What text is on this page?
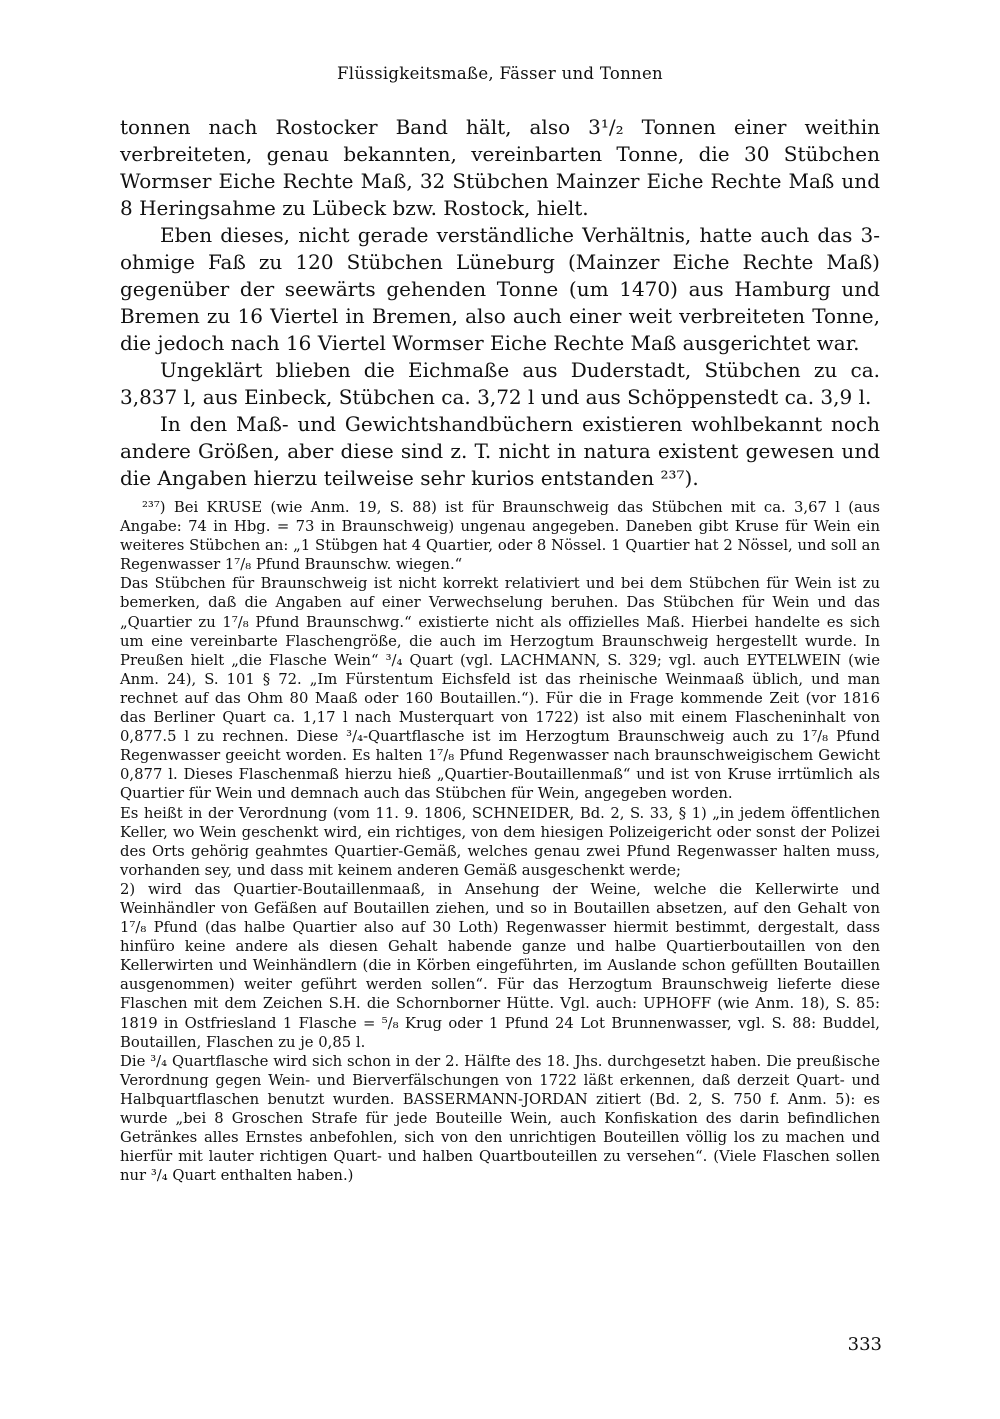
Flüssigkeitsmaße, Fässer und Tonnen

tonnen nach Rostocker Band hält, also 3¹/₂ Tonnen einer weithin verbreiteten, genau bekannten, vereinbarten Tonne, die 30 Stübchen Wormser Eiche Rechte Maß, 32 Stübchen Mainzer Eiche Rechte Maß und 8 Heringsahme zu Lübeck bzw. Rostock, hielt.

Eben dieses, nicht gerade verständliche Verhältnis, hatte auch das 3-ohmige Faß zu 120 Stübchen Lüneburg (Mainzer Eiche Rechte Maß) gegenüber der seewärts gehenden Tonne (um 1470) aus Hamburg und Bremen zu 16 Viertel in Bremen, also auch einer weit verbreiteten Tonne, die jedoch nach 16 Viertel Wormser Eiche Rechte Maß ausgerichtet war.

Ungeklärt blieben die Eichmaße aus Duderstadt, Stübchen zu ca. 3,837 l, aus Einbeck, Stübchen ca. 3,72 l und aus Schöppenstedt ca. 3,9 l.

In den Maß- und Gewichtshandbüchern existieren wohlbekannt noch andere Größen, aber diese sind z. T. nicht in natura existent gewesen und die Angaben hierzu teilweise sehr kurios entstanden ²³⁷).

²³⁷) Bei KRUSE (wie Anm. 19, S. 88) ist für Braunschweig das Stübchen mit ca. 3,67 l (aus Angabe: 74 in Hbg. = 73 in Braunschweig) ungenau angegeben. Daneben gibt Kruse für Wein ein weiteres Stübchen an: „1 Stübgen hat 4 Quartier, oder 8 Nössel. 1 Quartier hat 2 Nössel, und soll an Regenwasser 1⁷/₈ Pfund Braunschw. wiegen.“

Das Stübchen für Braunschweig ist nicht korrekt relativiert und bei dem Stübchen für Wein ist zu bemerken, daß die Angaben auf einer Verwechselung beruhen. Das Stübchen für Wein und das „Quartier zu 1⁷/₈ Pfund Braunschwg.“ existierte nicht als offizielles Maß. Hierbei handelte es sich um eine vereinbarte Flaschengröße, die auch im Herzogtum Braunschweig hergestellt wurde. In Preußen hielt „die Flasche Wein“ ³/₄ Quart (vgl. LACHMANN, S. 329; vgl. auch EYTELWEIN (wie Anm. 24), S. 101 § 72. „Im Fürstentum Eichsfeld ist das rheinische Weinmaaß üblich, und man rechnet auf das Ohm 80 Maaß oder 160 Boutaillen.“). Für die in Frage kommende Zeit (vor 1816 das Berliner Quart ca. 1,17 l nach Musterquart von 1722) ist also mit einem Flascheninhalt von 0,877.5 l zu rechnen. Diese ³/₄-Quartflasche ist im Herzogtum Braunschweig auch zu 1⁷/₈ Pfund Regenwasser geeicht worden. Es halten 1⁷/₈ Pfund Regenwasser nach braunschweigischem Gewicht 0,877 l. Dieses Flaschenmaß hierzu hieß „Quartier-Boutaillenmaß“ und ist von Kruse irrtümlich als Quartier für Wein und demnach auch das Stübchen für Wein, angegeben worden.

Es heißt in der Verordnung (vom 11. 9. 1806, SCHNEIDER, Bd. 2, S. 33, § 1) „in jedem öffentlichen Keller, wo Wein geschenkt wird, ein richtiges, von dem hiesigen Polizeigericht oder sonst der Polizei des Orts gehörig geahmtes Quartier-Gemäß, welches genau zwei Pfund Regenwasser halten muss, vorhanden sey, und dass mit keinem anderen Gemäß ausgeschenkt werde;

2) wird das Quartier-Boutaillenmaaß, in Ansehung der Weine, welche die Kellerwirte und Weinhändler von Gefäßen auf Boutaillen ziehen, und so in Boutaillen absetzen, auf den Gehalt von 1⁷/₈ Pfund (das halbe Quartier also auf 30 Loth) Regenwasser hiermit bestimmt, dergestalt, dass hinfüro keine andere als diesen Gehalt habende ganze und halbe Quartierboutaillen von den Kellerwirten und Weinhändlern (die in Körben eingeführten, im Auslande schon gefüllten Boutaillen ausgenommen) weiter geführt werden sollen“. Für das Herzogtum Braunschweig lieferte diese Flaschen mit dem Zeichen S.H. die Schornborner Hütte. Vgl. auch: UPHOFF (wie Anm. 18), S. 85: 1819 in Ostfriesland 1 Flasche = ⁵/₈ Krug oder 1 Pfund 24 Lot Brunnenwasser, vgl. S. 88: Buddel, Boutaillen, Flaschen zu je 0,85 l.

Die ³/₄ Quartflasche wird sich schon in der 2. Hälfte des 18. Jhs. durchgesetzt haben. Die preußische Verordnung gegen Wein- und Bierverfälschungen von 1722 läßt erkennen, daß derzeit Quart- und Halbquartflaschen benutzt wurden. BASSERMANN-JORDAN zitiert (Bd. 2, S. 750 f. Anm. 5): es wurde „bei 8 Groschen Strafe für jede Bouteille Wein, auch Konfiskation des darin befindlichen Getränkes alles Ernstes anbefohlen, sich von den unrichtigen Bouteillen völlig los zu machen und hierfür mit lauter richtigen Quart- und halben Quartbouteillen zu versehen“. (Viele Flaschen sollen nur ³/₄ Quart enthalten haben.)

333
